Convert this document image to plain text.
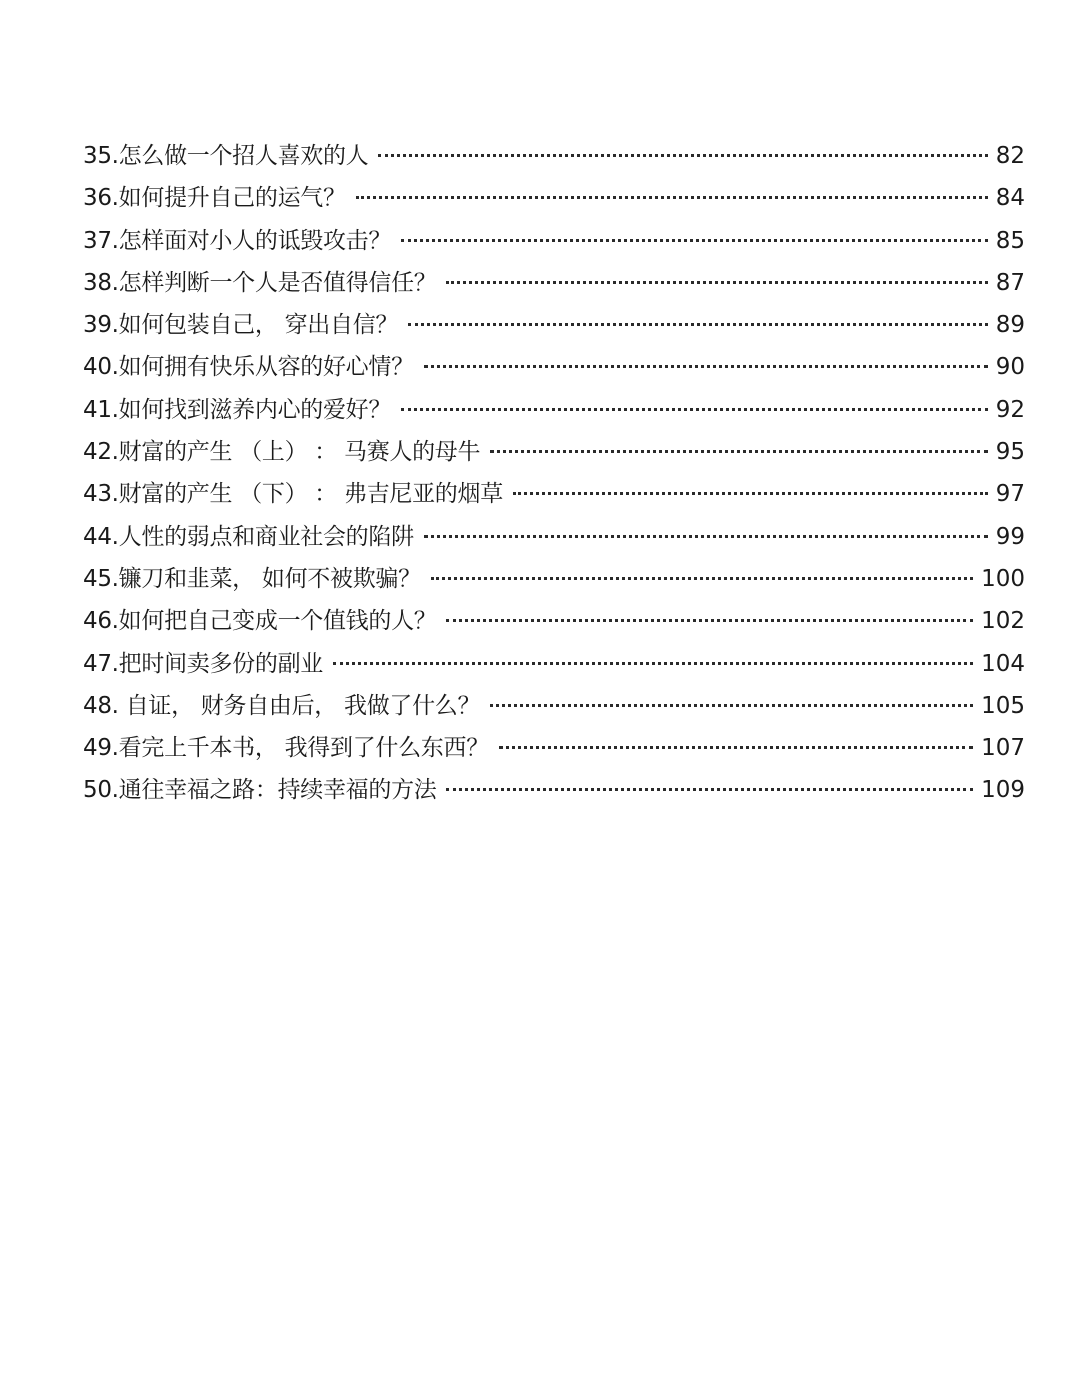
35.怎么做一个招人喜欢的人	82
36.如何提升自己的运气？	84
37.怎样面对小人的诋毁攻击？	85
38.怎样判断一个人是否值得信任？	87
39.如何包装自己， 穿出自信？	89
40.如何拥有快乐从容的好心情？	90
41.如何找到滋养内心的爱好？	92
42.财富的产生 （上） ： 马赛人的母牛	95
43.财富的产生 （下） ： 弗吉尼亚的烟草	97
44.人性的弱点和商业社会的陷阱	99
45.镰刀和韭菜， 如何不被欺骗？	100
46.如何把自己变成一个值钱的人？	102
47.把时间卖多份的副业	104
48. 自证， 财务自由后， 我做了什么？	105
49.看完上千本书， 我得到了什么东西？	107
50.通往幸福之路：持续幸福的方法	109
